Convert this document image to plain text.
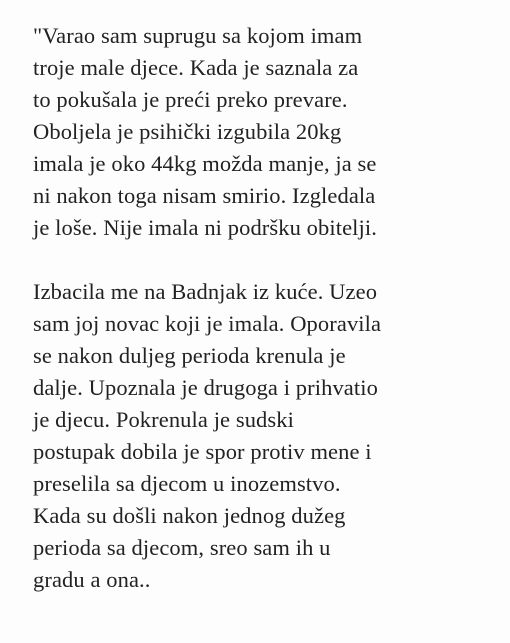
"Varao sam suprugu sa kojom imam
troje male djece. Kada je saznala za
to pokušala je preći preko prevare.
Oboljela je psihički izgubila 20kg
imala je oko 44kg možda manje, ja se
ni nakon toga nisam smirio. Izgledala
je loše. Nije imala ni podršku obitelji.

Izbacila me na Badnjak iz kuće. Uzeo
sam joj novac koji je imala. Oporavila
se nakon duljeg perioda krenula je
dalje. Upoznala je drugoga i prihvatio
je djecu. Pokrenula je sudski
postupak dobila je spor protiv mene i
preselila sa djecom u inozemstvo.
Kada su došli nakon jednog dužeg
perioda sa djecom, sreo sam ih u
gradu a ona..
